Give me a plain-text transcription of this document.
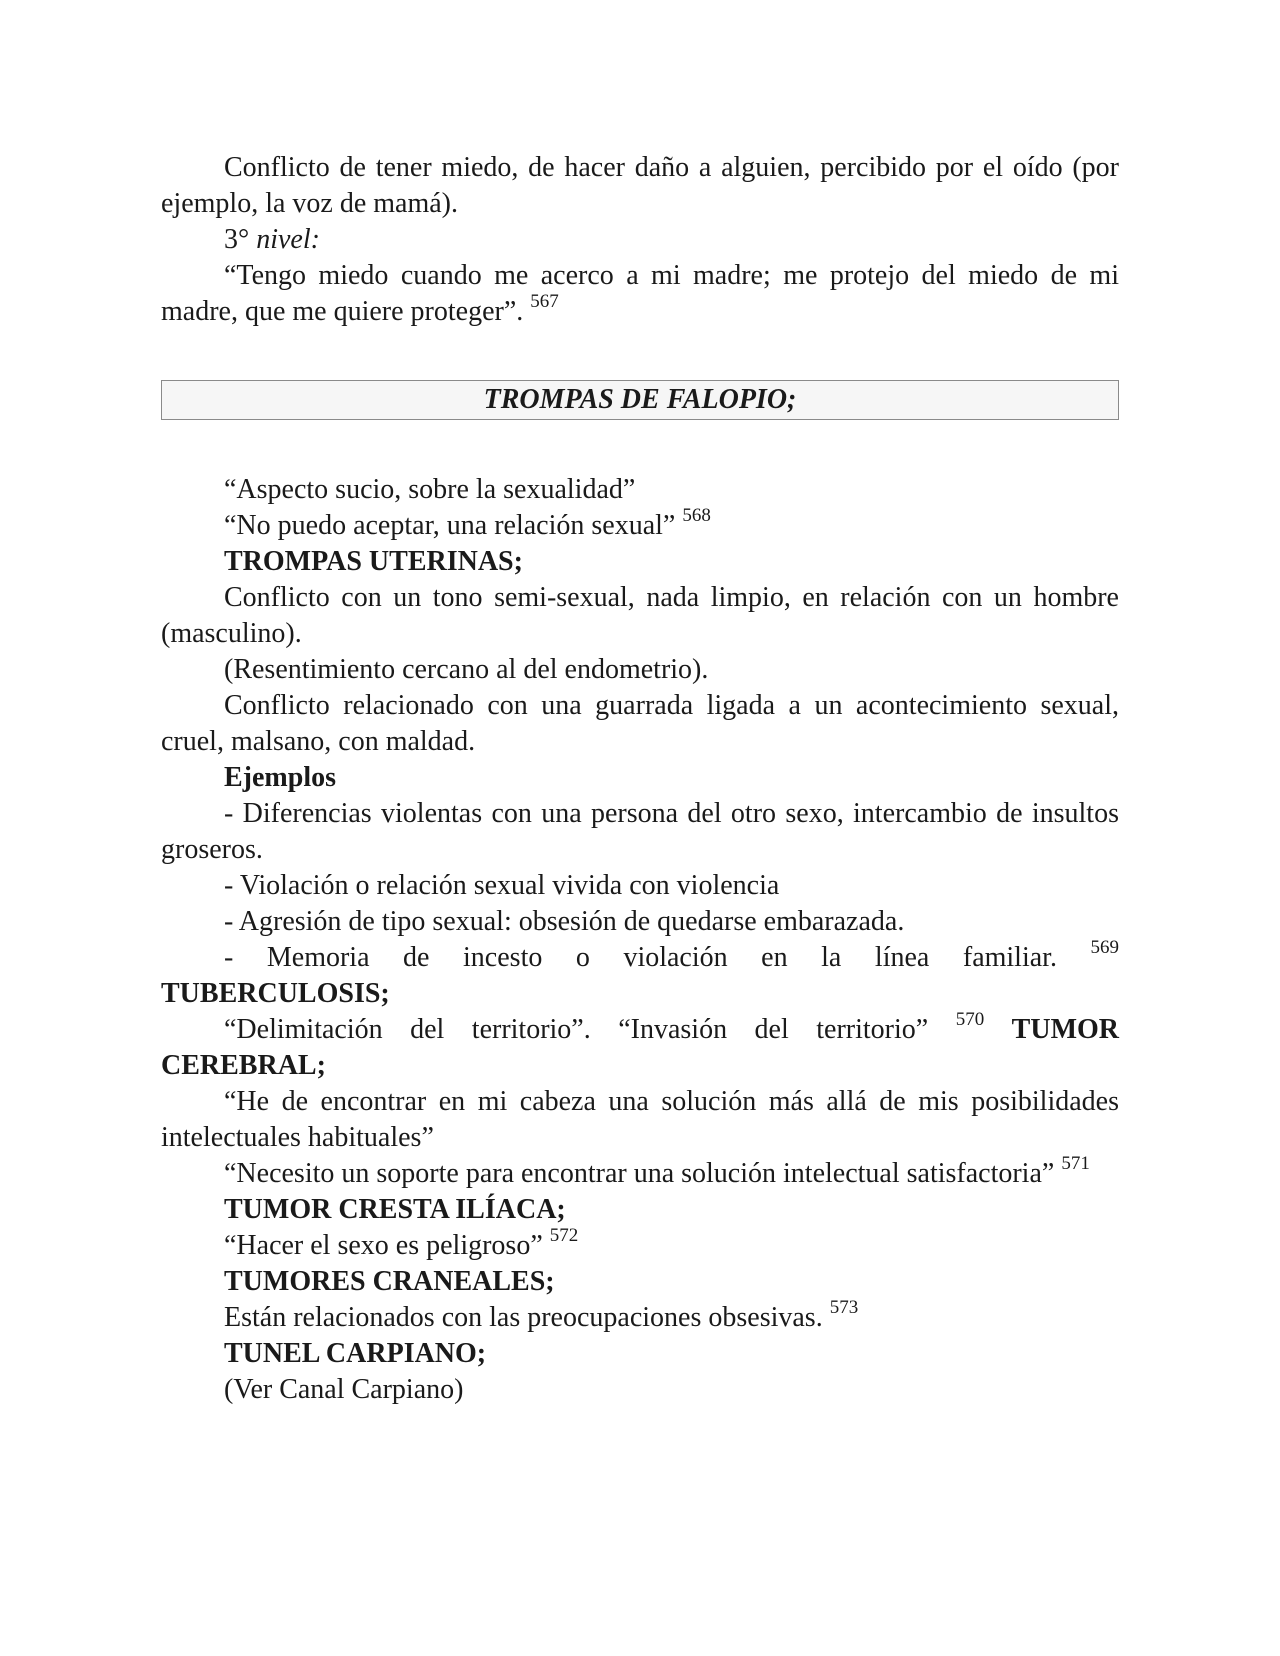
Conflicto de tener miedo, de hacer daño a alguien, percibido por el oído (por ejemplo, la voz de mamá).

3° nivel:

“Tengo miedo cuando me acerco a mi madre; me protejo del miedo de mi madre, que me quiere proteger”. $^{567}$

TROMPAS DE FALOPIO;

“Aspecto sucio, sobre la sexualidad”

“No puedo aceptar, una relación sexual” $^{568}$

TROMPAS UTERINAS;

Conflicto con un tono semi-sexual, nada limpio, en relación con un hombre (masculino).

(Resentimiento cercano al del endometrio).

Conflicto relacionado con una guarrada ligada a un acontecimiento sexual, cruel, malsano, con maldad.

Ejemplos

- Diferencias violentas con una persona del otro sexo, intercambio de insultos groseros.

- Violación o relación sexual vivida con violencia

- Agresión de tipo sexual: obsesión de quedarse embarazada.

- Memoria de incesto o violación en la línea familiar. $^{569}$

TUBERCULOSIS;

“Delimitación del territorio”. “Invasión del territorio” $^{570}$ TUMOR CEREBRAL;

“He de encontrar en mi cabeza una solución más allá de mis posibilidades intelectuales habituales”

“Necesito un soporte para encontrar una solución intelectual satisfactoria” $^{571}$

TUMOR CRESTA ILÍACA;

“Hacer el sexo es peligroso” $^{572}$

TUMORES CRANEALES;

Están relacionados con las preocupaciones obsesivas. $^{573}$

TUNEL CARPIANO;

(Ver Canal Carpiano)
